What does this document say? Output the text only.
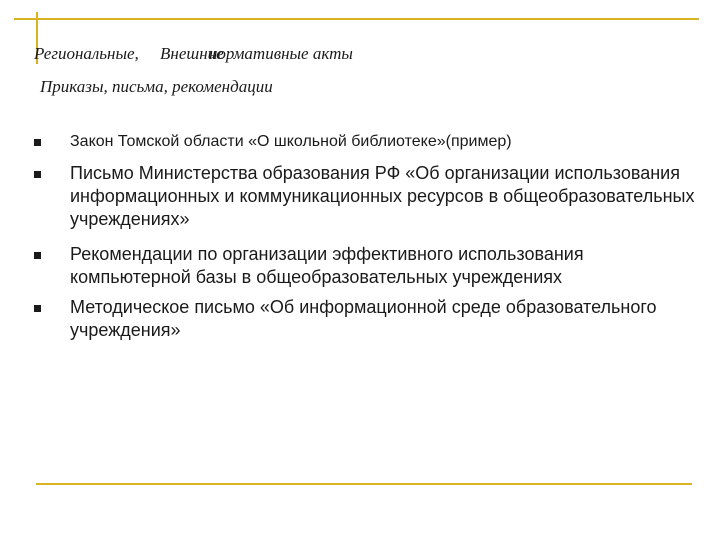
Региональные, Внешние
нормативные акты
Приказы, письма, рекомендации
Закон Томской области «О школьной библиотеке»(пример)
Письмо Министерства образования РФ «Об организации использования информационных и коммуникационных ресурсов в общеобразовательных учреждениях»
Рекомендации по организации эффективного использования компьютерной базы в общеобразовательных учреждениях
Методическое письмо «Об информационной среде образовательного учреждения»
